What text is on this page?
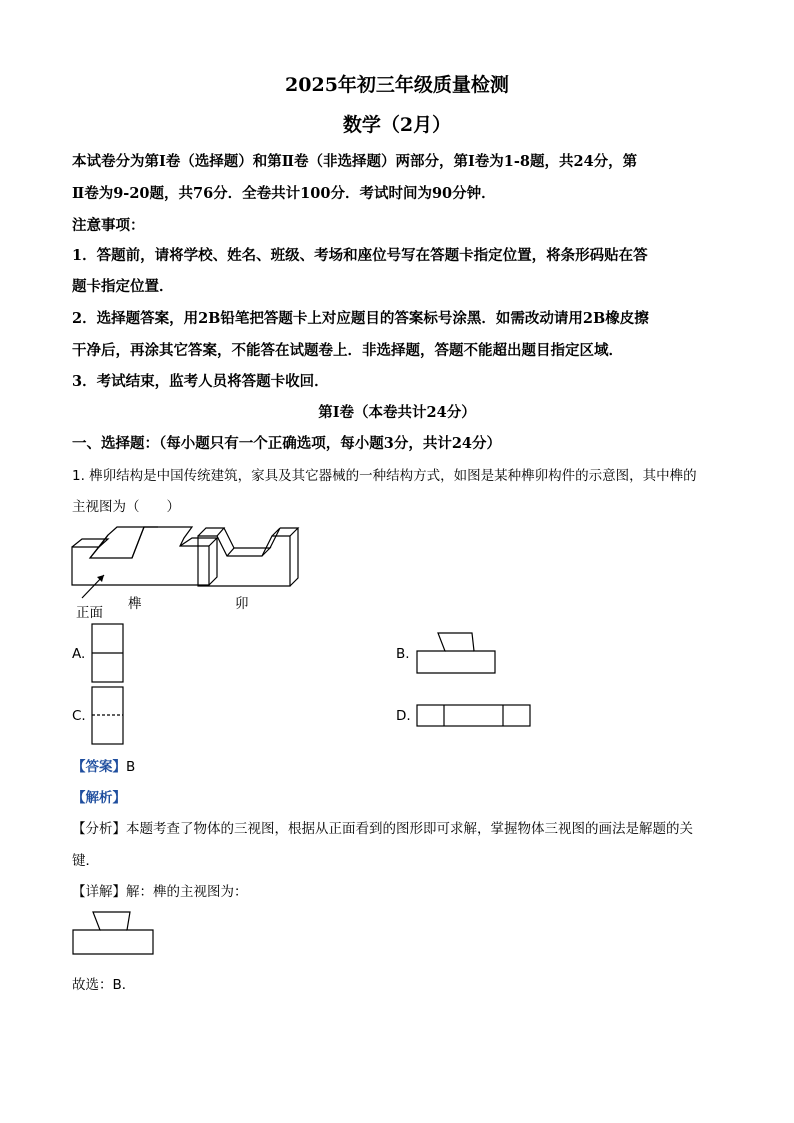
2025年初三年级质量检测
数学（2月）
本试卷分为第Ⅰ卷（选择题）和第Ⅱ卷（非选择题）两部分，第Ⅰ卷为1-8题，共24分，第
Ⅱ卷为9-20题，共76分．全卷共计100分．考试时间为90分钟．
注意事项：
1．答题前，请将学校、姓名、班级、考场和座位号写在答题卡指定位置，将条形码贴在答
题卡指定位置．
2．选择题答案，用2B铅笔把答题卡上对应题目的答案标号涂黑．如需改动请用2B橡皮擦
干净后，再涂其它答案，不能答在试题卷上．非选择题，答题不能超出题目指定区域．
3．考试结束，监考人员将答题卡收回．
第Ⅰ卷（本卷共计24分）
一、选择题：（每小题只有一个正确选项，每小题3分，共计24分）
1. 榫卯结构是中国传统建筑，家具及其它器械的一种结构方式，如图是某种榫卯构件的示意图，其中榫的
主视图为（　　）
正面
榫	卯
A.	B.
C.	D.
【答案】B
【解析】
【分析】本题考查了物体的三视图，根据从正面看到的图形即可求解，掌握物体三视图的画法是解题的关
键．
【详解】解：榫的主视图为：
故选：B．
